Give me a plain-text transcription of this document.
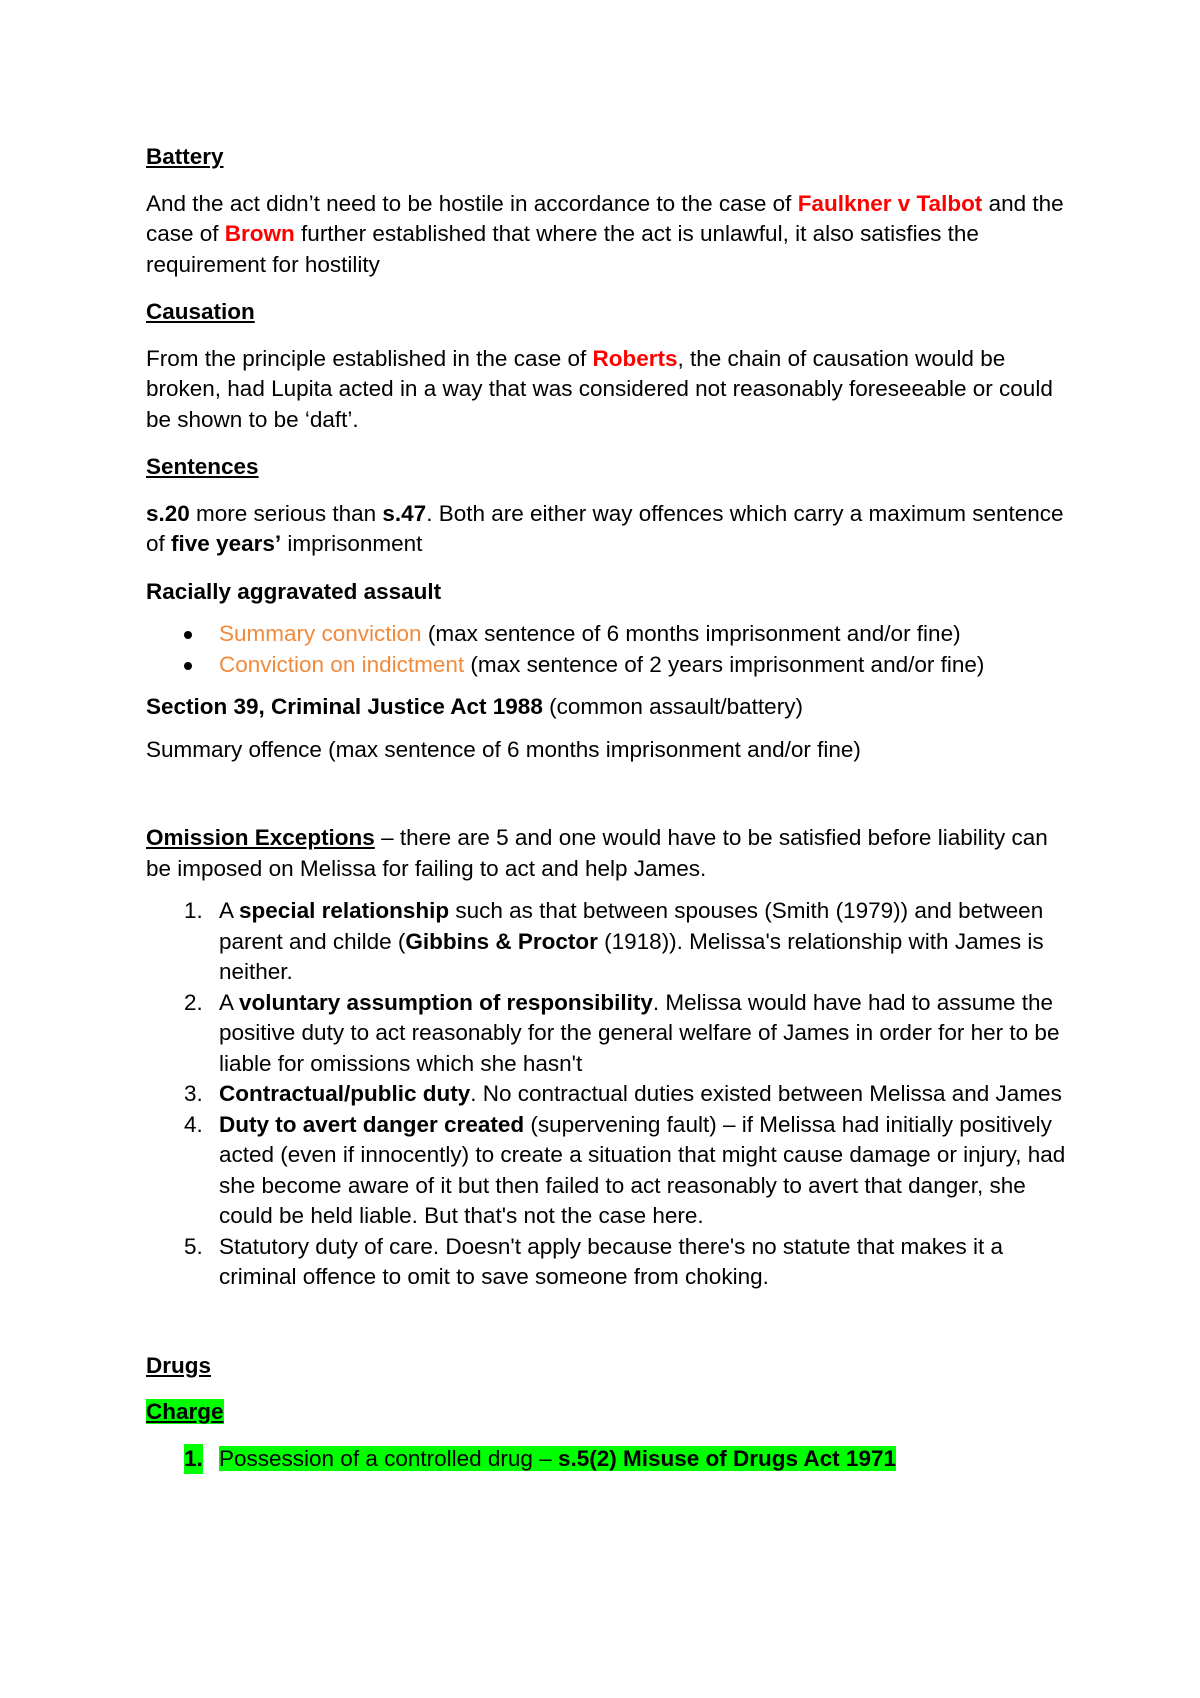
Battery

And the act didn’t need to be hostile in accordance to the case of Faulkner v Talbot and the case of Brown further established that where the act is unlawful, it also satisfies the requirement for hostility

Causation

From the principle established in the case of Roberts, the chain of causation would be broken, had Lupita acted in a way that was considered not reasonably foreseeable or could be shown to be ‘daft’.

Sentences

s.20 more serious than s.47. Both are either way offences which carry a maximum sentence of five years’ imprisonment

Racially aggravated assault

Summary conviction (max sentence of 6 months imprisonment and/or fine)
Conviction on indictment (max sentence of 2 years imprisonment and/or fine)

Section 39, Criminal Justice Act 1988 (common assault/battery)

Summary offence (max sentence of 6 months imprisonment and/or fine)

Omission Exceptions – there are 5 and one would have to be satisfied before liability can be imposed on Melissa for failing to act and help James.

1. A special relationship such as that between spouses (Smith (1979)) and between parent and childe (Gibbins & Proctor (1918)). Melissa's relationship with James is neither.
2. A voluntary assumption of responsibility. Melissa would have had to assume the positive duty to act reasonably for the general welfare of James in order for her to be liable for omissions which she hasn't
3. Contractual/public duty. No contractual duties existed between Melissa and James
4. Duty to avert danger created (supervening fault) – if Melissa had initially positively acted (even if innocently) to create a situation that might cause damage or injury, had she become aware of it but then failed to act reasonably to avert that danger, she could be held liable. But that's not the case here.
5. Statutory duty of care. Doesn't apply because there's no statute that makes it a criminal offence to omit to save someone from choking.

Drugs

Charge

1. Possession of a controlled drug – s.5(2) Misuse of Drugs Act 1971
